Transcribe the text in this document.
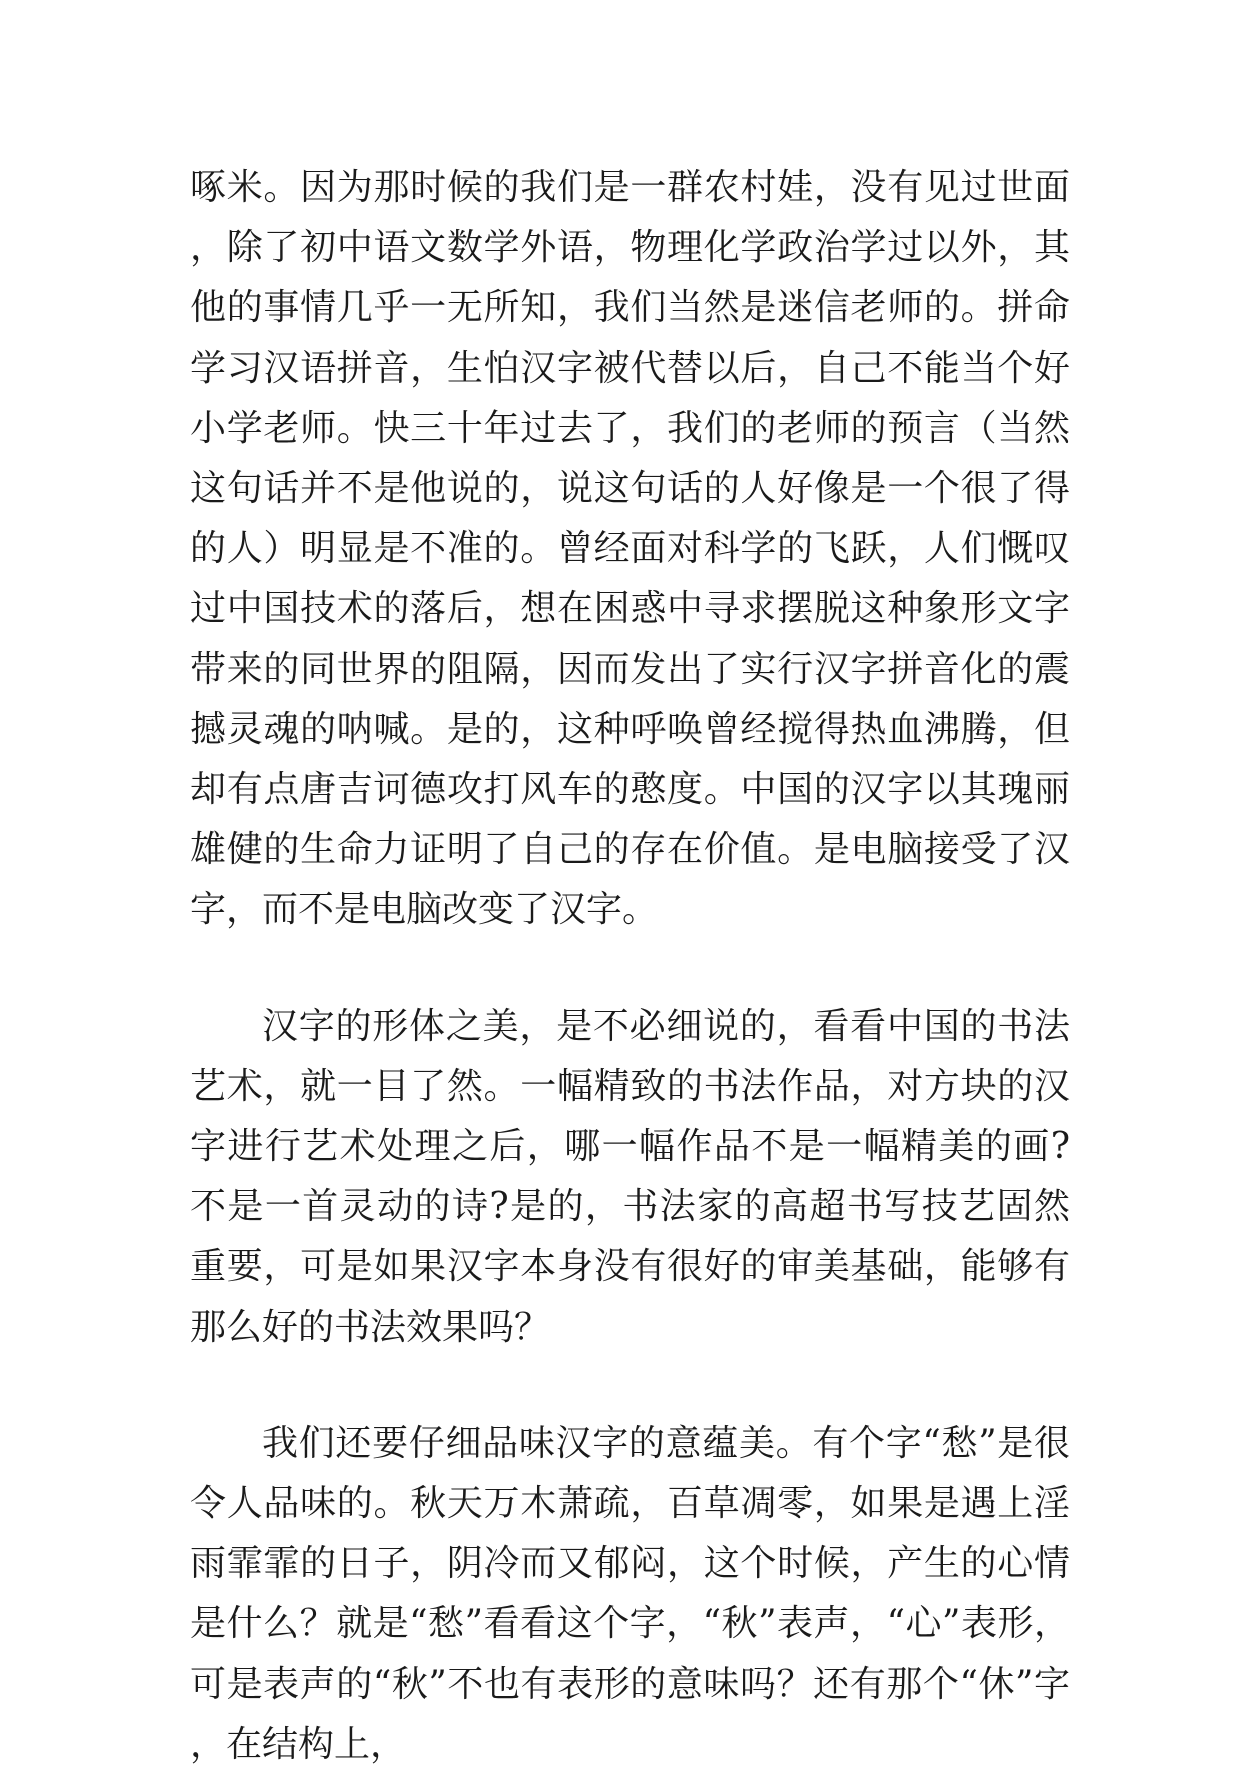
啄米。因为那时候的我们是一群农村娃，没有见过世面，除了初中语文数学外语，物理化学政治学过以外，其他的事情几乎一无所知，我们当然是迷信老师的。拼命学习汉语拼音，生怕汉字被代替以后，自己不能当个好小学老师。快三十年过去了，我们的老师的预言（当然这句话并不是他说的，说这句话的人好像是一个很了得的人）明显是不准的。曾经面对科学的飞跃，人们慨叹过中国技术的落后，想在困惑中寻求摆脱这种象形文字带来的同世界的阻隔，因而发出了实行汉字拼音化的震撼灵魂的呐喊。是的，这种呼唤曾经搅得热血沸腾，但却有点唐吉诃德攻打风车的憨度。中国的汉字以其瑰丽雄健的生命力证明了自己的存在价值。是电脑接受了汉字，而不是电脑改变了汉字。

汉字的形体之美，是不必细说的，看看中国的书法艺术，就一目了然。一幅精致的书法作品，对方块的汉字进行艺术处理之后，哪一幅作品不是一幅精美的画?不是一首灵动的诗?是的，书法家的高超书写技艺固然重要，可是如果汉字本身没有很好的审美基础，能够有那么好的书法效果吗？

我们还要仔细品味汉字的意蕴美。有个字“愁”是很令人品味的。秋天万木萧疏，百草凋零，如果是遇上淫雨霏霏的日子，阴冷而又郁闷，这个时候，产生的心情是什么？就是“愁”看看这个字，“秋”表声，“心”表形，可是表声的“秋”不也有表形的意味吗？还有那个“休”字，在结构上，
